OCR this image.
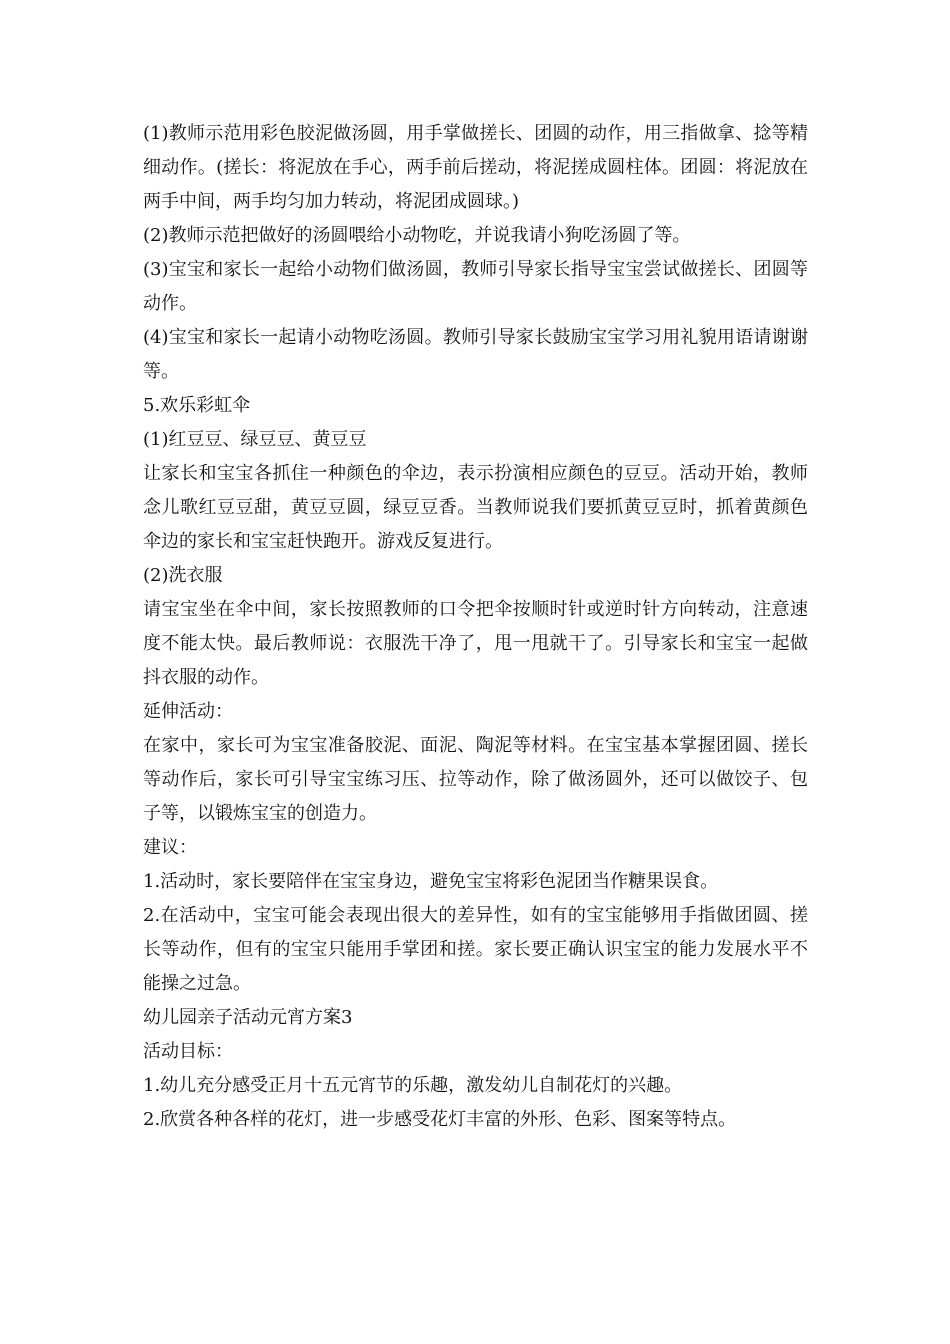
(1)教师示范用彩色胶泥做汤圆，用手掌做搓长、团圆的动作，用三指做拿、捻等精细动作。(搓长：将泥放在手心，两手前后搓动，将泥搓成圆柱体。团圆：将泥放在两手中间，两手均匀加力转动，将泥团成圆球。)

(2)教师示范把做好的汤圆喂给小动物吃，并说我请小狗吃汤圆了等。

(3)宝宝和家长一起给小动物们做汤圆，教师引导家长指导宝宝尝试做搓长、团圆等动作。

(4)宝宝和家长一起请小动物吃汤圆。教师引导家长鼓励宝宝学习用礼貌用语请谢谢等。

5.欢乐彩虹伞

(1)红豆豆、绿豆豆、黄豆豆

让家长和宝宝各抓住一种颜色的伞边，表示扮演相应颜色的豆豆。活动开始，教师念儿歌红豆豆甜，黄豆豆圆，绿豆豆香。当教师说我们要抓黄豆豆时，抓着黄颜色伞边的家长和宝宝赶快跑开。游戏反复进行。

(2)洗衣服

请宝宝坐在伞中间，家长按照教师的口令把伞按顺时针或逆时针方向转动，注意速度不能太快。最后教师说：衣服洗干净了，甩一甩就干了。引导家长和宝宝一起做抖衣服的动作。

延伸活动：

在家中，家长可为宝宝准备胶泥、面泥、陶泥等材料。在宝宝基本掌握团圆、搓长等动作后，家长可引导宝宝练习压、拉等动作，除了做汤圆外，还可以做饺子、包子等，以锻炼宝宝的创造力。

建议：

1.活动时，家长要陪伴在宝宝身边，避免宝宝将彩色泥团当作糖果误食。

2.在活动中，宝宝可能会表现出很大的差异性，如有的宝宝能够用手指做团圆、搓长等动作，但有的宝宝只能用手掌团和搓。家长要正确认识宝宝的能力发展水平不能操之过急。

幼儿园亲子活动元宵方案3

活动目标：

1.幼儿充分感受正月十五元宵节的乐趣，激发幼儿自制花灯的兴趣。

2.欣赏各种各样的花灯，进一步感受花灯丰富的外形、色彩、图案等特点。
